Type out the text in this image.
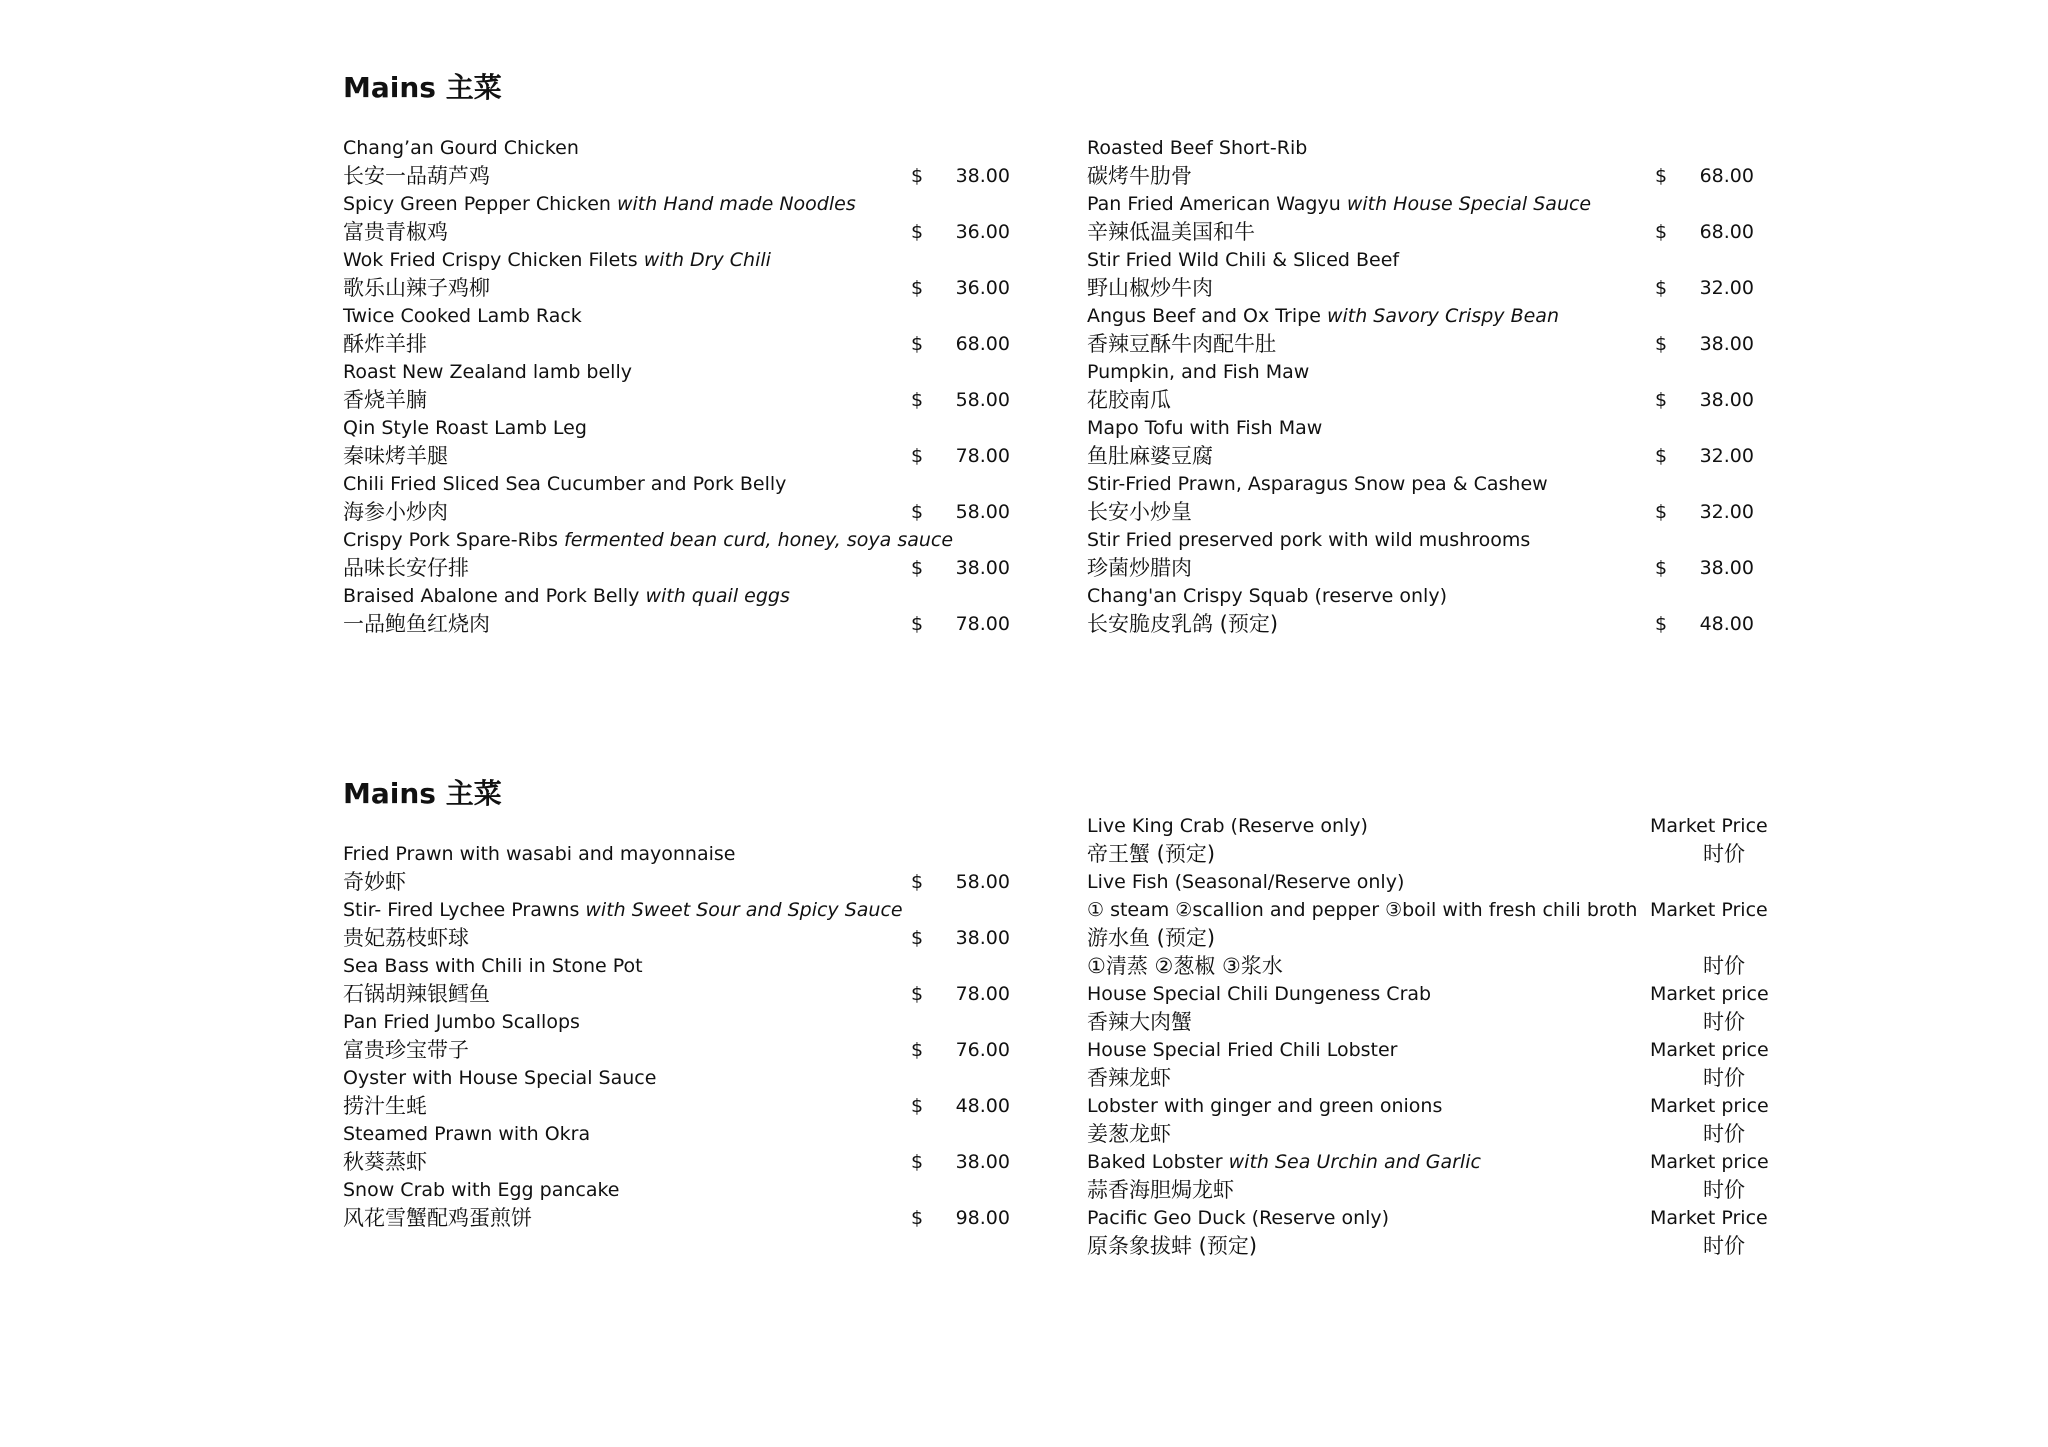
Mains 主菜
Chang’an Gourd Chicken
长安一品葫芦鸡	$	38.00
Spicy Green Pepper Chicken with Hand made Noodles
富贵青椒鸡	$	36.00
Wok Fried Crispy Chicken Filets with Dry Chili
歌乐山辣子鸡柳	$	36.00
Twice Cooked Lamb Rack
酥炸羊排	$	68.00
Roast New Zealand lamb belly
香烧羊腩	$	58.00
Qin Style Roast Lamb Leg
秦味烤羊腿	$	78.00
Chili Fried Sliced Sea Cucumber and Pork Belly
海参小炒肉	$	58.00
Crispy Pork Spare-Ribs fermented bean curd, honey, soya sauce
品味长安仔排	$	38.00
Braised Abalone and Pork Belly with quail eggs
一品鲍鱼红烧肉	$	78.00
Roasted Beef Short-Rib
碳烤牛肋骨	$	68.00
Pan Fried American Wagyu with House Special Sauce
辛辣低温美国和牛	$	68.00
Stir Fried Wild Chili & Sliced Beef
野山椒炒牛肉	$	32.00
Angus Beef and Ox Tripe with Savory Crispy Bean
香辣豆酥牛肉配牛肚	$	38.00
Pumpkin, and Fish Maw
花胶南瓜	$	38.00
Mapo Tofu with Fish Maw
鱼肚麻婆豆腐	$	32.00
Stir-Fried Prawn, Asparagus Snow pea & Cashew
长安小炒皇	$	32.00
Stir Fried preserved pork with wild mushrooms
珍菌炒腊肉	$	38.00
Chang'an Crispy Squab (reserve only)
长安脆皮乳鸽 (预定)	$	48.00
Mains 主菜
Fried Prawn with wasabi and mayonnaise
奇妙虾	$	58.00
Stir- Fired Lychee Prawns with Sweet Sour and Spicy Sauce
贵妃荔枝虾球	$	38.00
Sea Bass with Chili in Stone Pot
石锅胡辣银鳕鱼	$	78.00
Pan Fried Jumbo Scallops
富贵珍宝带子	$	76.00
Oyster with House Special Sauce
捞汁生蚝	$	48.00
Steamed Prawn with Okra
秋葵蒸虾	$	38.00
Snow Crab with Egg pancake
风花雪蟹配鸡蛋煎饼	$	98.00
Live King Crab (Reserve only)	Market Price
帝王蟹 (预定)	时价
Live Fish (Seasonal/Reserve only)
① steam ②scallion and pepper ③boil with fresh chili broth Market Price
游水鱼 (预定)
①清蒸 ②葱椒 ③浆水	时价
House Special Chili Dungeness Crab	Market price
香辣大肉蟹	时价
House Special Fried Chili Lobster	Market price
香辣龙虾	时价
Lobster with ginger and green onions	Market price
姜葱龙虾	时价
Baked Lobster with Sea Urchin and Garlic	Market price
蒜香海胆焗龙虾	时价
Pacific Geo Duck (Reserve only)	Market Price
原条象拔蚌 (预定)	时价
